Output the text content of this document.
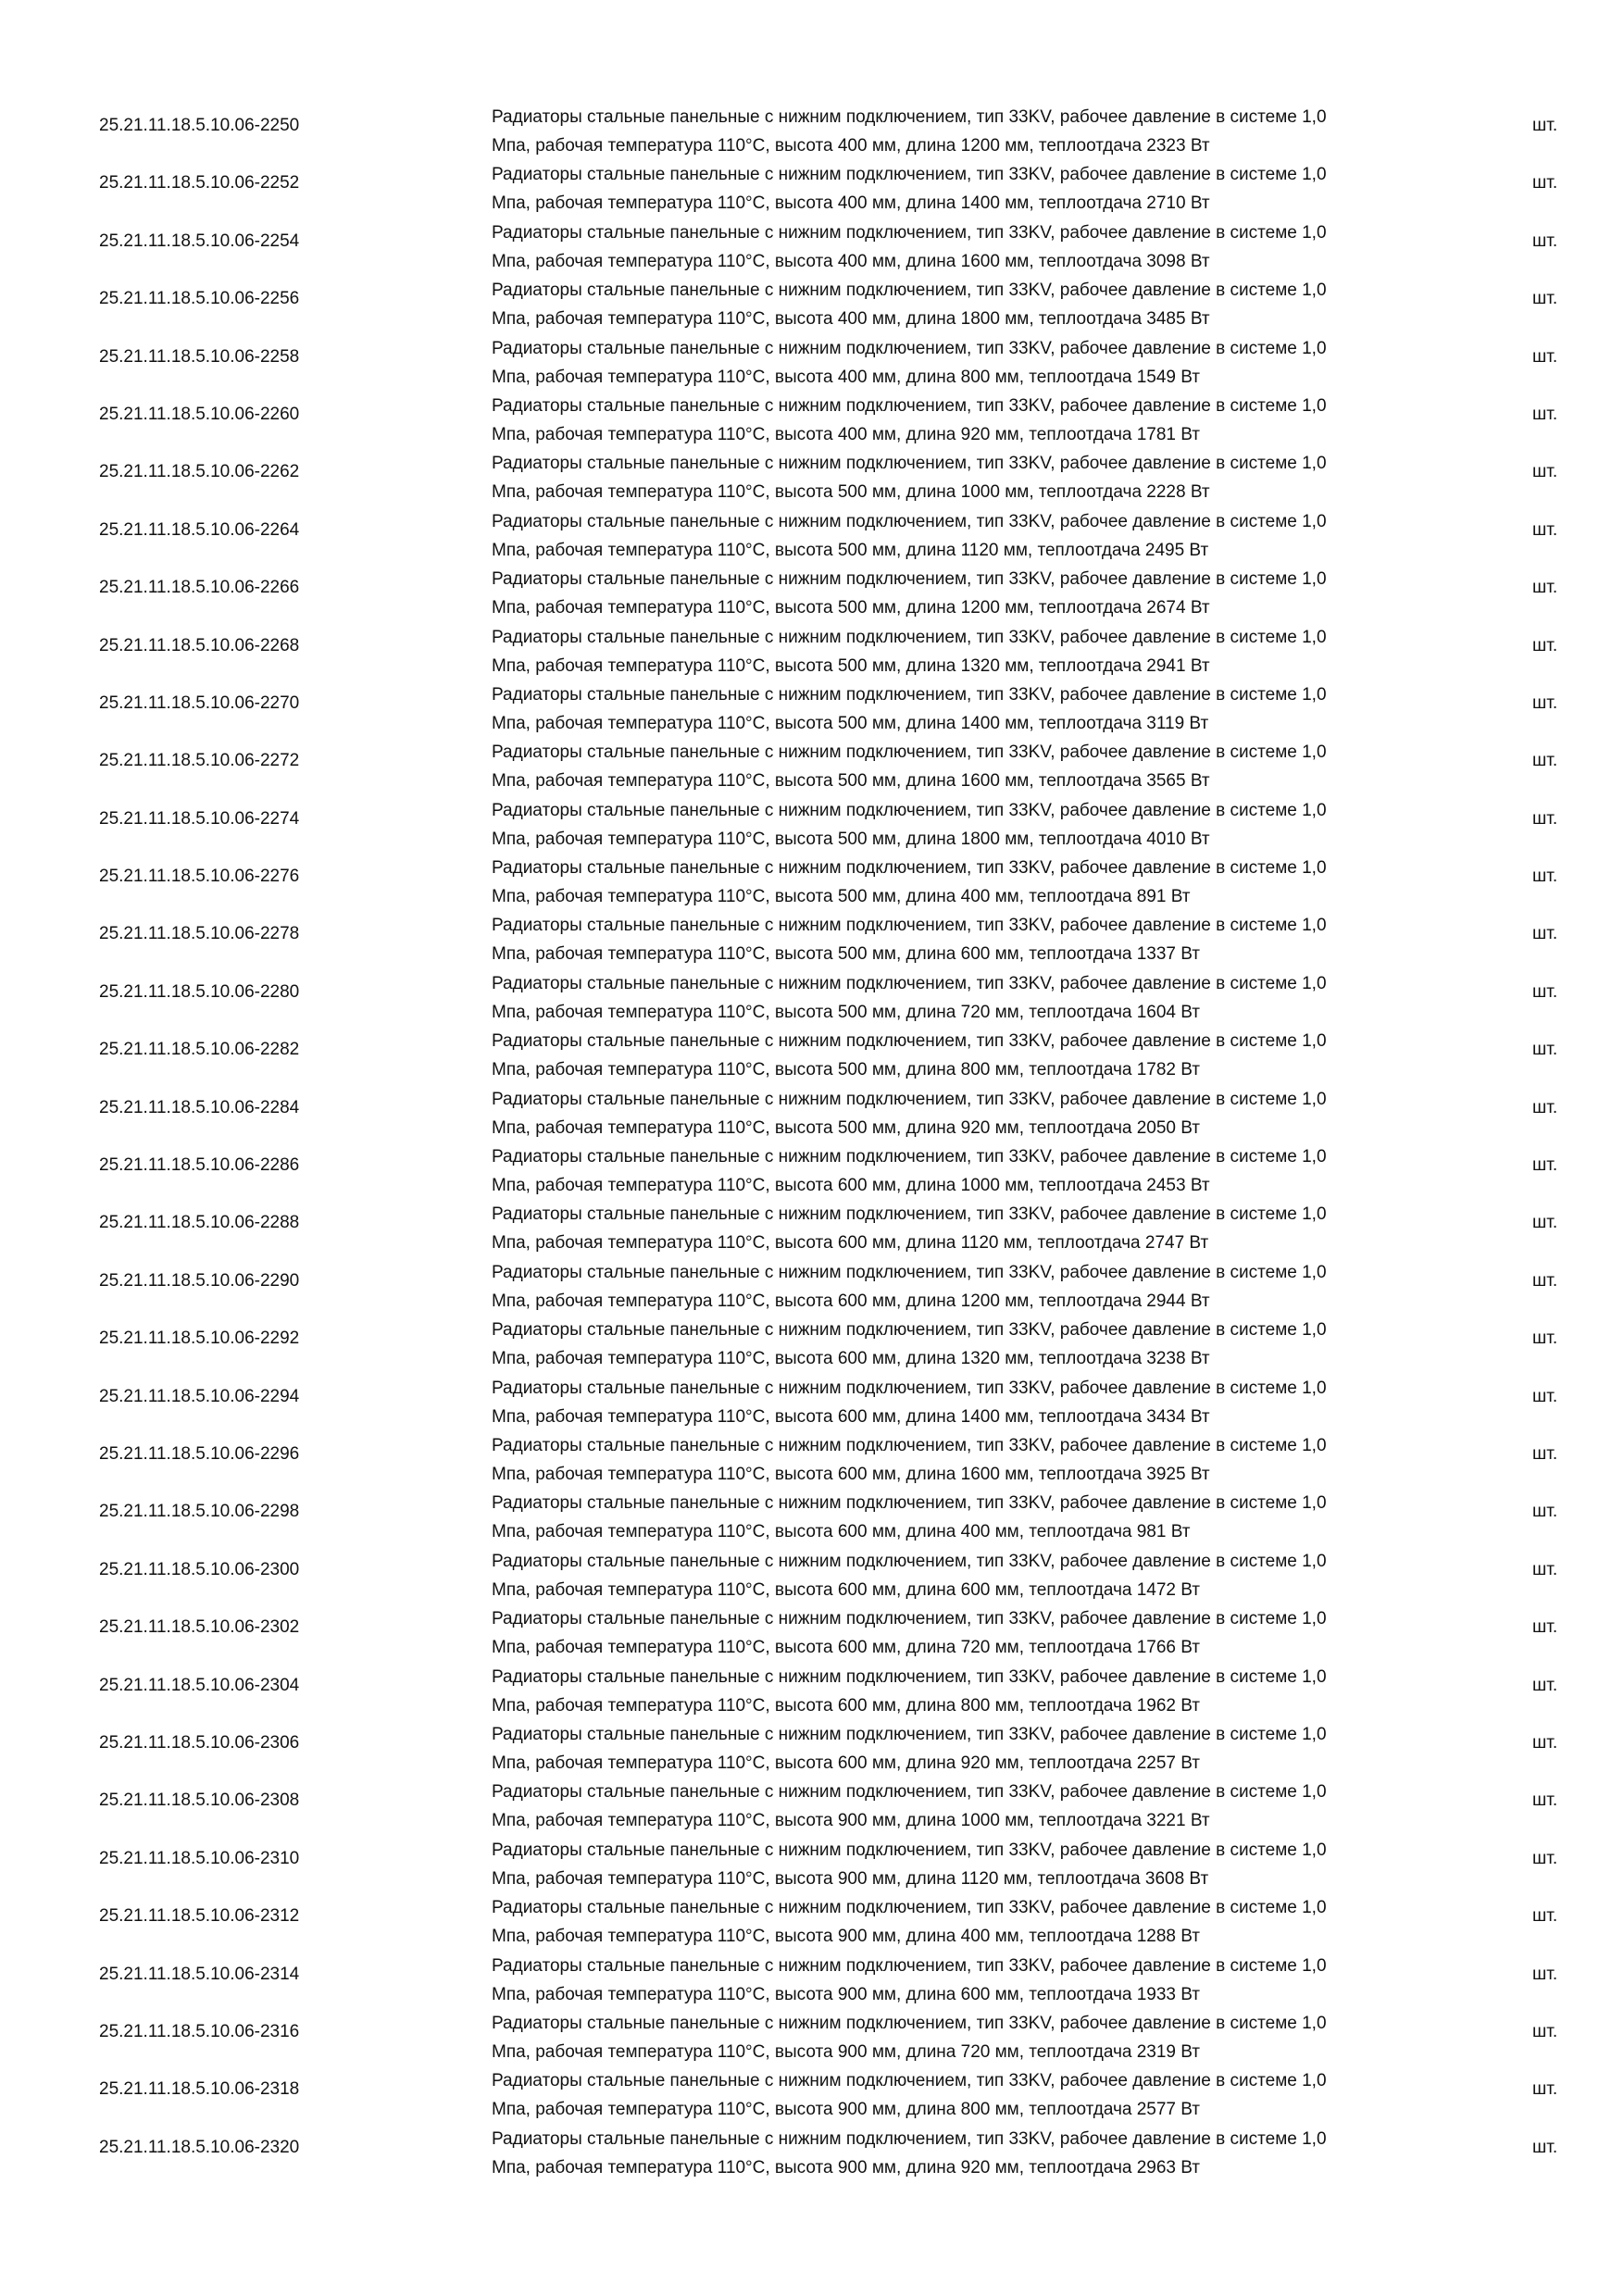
25.21.11.18.5.10.06-2250	Радиаторы стальные панельные с нижним подключением, тип 33KV, рабочее давление в системе 1,0
Мпа, рабочая температура 110°C, высота 400 мм, длина 1200 мм, теплоотдача 2323 Вт
шт.
25.21.11.18.5.10.06-2252	Радиаторы стальные панельные с нижним подключением, тип 33KV, рабочее давление в системе 1,0
Мпа, рабочая температура 110°C, высота 400 мм, длина 1400 мм, теплоотдача 2710 Вт
шт.
25.21.11.18.5.10.06-2254	Радиаторы стальные панельные с нижним подключением, тип 33KV, рабочее давление в системе 1,0
Мпа, рабочая температура 110°C, высота 400 мм, длина 1600 мм, теплоотдача 3098 Вт
шт.
25.21.11.18.5.10.06-2256	Радиаторы стальные панельные с нижним подключением, тип 33KV, рабочее давление в системе 1,0
Мпа, рабочая температура 110°C, высота 400 мм, длина 1800 мм, теплоотдача 3485 Вт
шт.
25.21.11.18.5.10.06-2258	Радиаторы стальные панельные с нижним подключением, тип 33KV, рабочее давление в системе 1,0
Мпа, рабочая температура 110°C, высота 400 мм, длина 800 мм, теплоотдача 1549 Вт
шт.
25.21.11.18.5.10.06-2260	Радиаторы стальные панельные с нижним подключением, тип 33KV, рабочее давление в системе 1,0
Мпа, рабочая температура 110°C, высота 400 мм, длина 920 мм, теплоотдача 1781 Вт
шт.
25.21.11.18.5.10.06-2262	Радиаторы стальные панельные с нижним подключением, тип 33KV, рабочее давление в системе 1,0
Мпа, рабочая температура 110°C, высота 500 мм, длина 1000 мм, теплоотдача 2228 Вт
шт.
25.21.11.18.5.10.06-2264	Радиаторы стальные панельные с нижним подключением, тип 33KV, рабочее давление в системе 1,0
Мпа, рабочая температура 110°C, высота 500 мм, длина 1120 мм, теплоотдача 2495 Вт
шт.
25.21.11.18.5.10.06-2266	Радиаторы стальные панельные с нижним подключением, тип 33KV, рабочее давление в системе 1,0
Мпа, рабочая температура 110°C, высота 500 мм, длина 1200 мм, теплоотдача 2674 Вт
шт.
25.21.11.18.5.10.06-2268	Радиаторы стальные панельные с нижним подключением, тип 33KV, рабочее давление в системе 1,0
Мпа, рабочая температура 110°C, высота 500 мм, длина 1320 мм, теплоотдача 2941 Вт
шт.
25.21.11.18.5.10.06-2270	Радиаторы стальные панельные с нижним подключением, тип 33KV, рабочее давление в системе 1,0
Мпа, рабочая температура 110°C, высота 500 мм, длина 1400 мм, теплоотдача 3119 Вт
шт.
25.21.11.18.5.10.06-2272	Радиаторы стальные панельные с нижним подключением, тип 33KV, рабочее давление в системе 1,0
Мпа, рабочая температура 110°C, высота 500 мм, длина 1600 мм, теплоотдача 3565 Вт
шт.
25.21.11.18.5.10.06-2274	Радиаторы стальные панельные с нижним подключением, тип 33KV, рабочее давление в системе 1,0
Мпа, рабочая температура 110°C, высота 500 мм, длина 1800 мм, теплоотдача 4010 Вт
шт.
25.21.11.18.5.10.06-2276	Радиаторы стальные панельные с нижним подключением, тип 33KV, рабочее давление в системе 1,0
Мпа, рабочая температура 110°C, высота 500 мм, длина 400 мм, теплоотдача 891 Вт
шт.
25.21.11.18.5.10.06-2278	Радиаторы стальные панельные с нижним подключением, тип 33KV, рабочее давление в системе 1,0
Мпа, рабочая температура 110°C, высота 500 мм, длина 600 мм, теплоотдача 1337 Вт
шт.
25.21.11.18.5.10.06-2280	Радиаторы стальные панельные с нижним подключением, тип 33KV, рабочее давление в системе 1,0
Мпа, рабочая температура 110°C, высота 500 мм, длина 720 мм, теплоотдача 1604 Вт
шт.
25.21.11.18.5.10.06-2282	Радиаторы стальные панельные с нижним подключением, тип 33KV, рабочее давление в системе 1,0
Мпа, рабочая температура 110°C, высота 500 мм, длина 800 мм, теплоотдача 1782 Вт
шт.
25.21.11.18.5.10.06-2284	Радиаторы стальные панельные с нижним подключением, тип 33KV, рабочее давление в системе 1,0
Мпа, рабочая температура 110°C, высота 500 мм, длина 920 мм, теплоотдача 2050 Вт
шт.
25.21.11.18.5.10.06-2286	Радиаторы стальные панельные с нижним подключением, тип 33KV, рабочее давление в системе 1,0
Мпа, рабочая температура 110°C, высота 600 мм, длина 1000 мм, теплоотдача 2453 Вт
шт.
25.21.11.18.5.10.06-2288	Радиаторы стальные панельные с нижним подключением, тип 33KV, рабочее давление в системе 1,0
Мпа, рабочая температура 110°C, высота 600 мм, длина 1120 мм, теплоотдача 2747 Вт
шт.
25.21.11.18.5.10.06-2290	Радиаторы стальные панельные с нижним подключением, тип 33KV, рабочее давление в системе 1,0
Мпа, рабочая температура 110°C, высота 600 мм, длина 1200 мм, теплоотдача 2944 Вт
шт.
25.21.11.18.5.10.06-2292	Радиаторы стальные панельные с нижним подключением, тип 33KV, рабочее давление в системе 1,0
Мпа, рабочая температура 110°C, высота 600 мм, длина 1320 мм, теплоотдача 3238 Вт
шт.
25.21.11.18.5.10.06-2294	Радиаторы стальные панельные с нижним подключением, тип 33KV, рабочее давление в системе 1,0
Мпа, рабочая температура 110°C, высота 600 мм, длина 1400 мм, теплоотдача 3434 Вт
шт.
25.21.11.18.5.10.06-2296	Радиаторы стальные панельные с нижним подключением, тип 33KV, рабочее давление в системе 1,0
Мпа, рабочая температура 110°C, высота 600 мм, длина 1600 мм, теплоотдача 3925 Вт
шт.
25.21.11.18.5.10.06-2298	Радиаторы стальные панельные с нижним подключением, тип 33KV, рабочее давление в системе 1,0
Мпа, рабочая температура 110°C, высота 600 мм, длина 400 мм, теплоотдача 981 Вт
шт.
25.21.11.18.5.10.06-2300	Радиаторы стальные панельные с нижним подключением, тип 33KV, рабочее давление в системе 1,0
Мпа, рабочая температура 110°C, высота 600 мм, длина 600 мм, теплоотдача 1472 Вт
шт.
25.21.11.18.5.10.06-2302	Радиаторы стальные панельные с нижним подключением, тип 33KV, рабочее давление в системе 1,0
Мпа, рабочая температура 110°C, высота 600 мм, длина 720 мм, теплоотдача 1766 Вт
шт.
25.21.11.18.5.10.06-2304	Радиаторы стальные панельные с нижним подключением, тип 33KV, рабочее давление в системе 1,0
Мпа, рабочая температура 110°C, высота 600 мм, длина 800 мм, теплоотдача 1962 Вт
шт.
25.21.11.18.5.10.06-2306	Радиаторы стальные панельные с нижним подключением, тип 33KV, рабочее давление в системе 1,0
Мпа, рабочая температура 110°C, высота 600 мм, длина 920 мм, теплоотдача 2257 Вт
шт.
25.21.11.18.5.10.06-2308	Радиаторы стальные панельные с нижним подключением, тип 33KV, рабочее давление в системе 1,0
Мпа, рабочая температура 110°C, высота 900 мм, длина 1000 мм, теплоотдача 3221 Вт
шт.
25.21.11.18.5.10.06-2310	Радиаторы стальные панельные с нижним подключением, тип 33KV, рабочее давление в системе 1,0
Мпа, рабочая температура 110°C, высота 900 мм, длина 1120 мм, теплоотдача 3608 Вт
шт.
25.21.11.18.5.10.06-2312	Радиаторы стальные панельные с нижним подключением, тип 33KV, рабочее давление в системе 1,0
Мпа, рабочая температура 110°C, высота 900 мм, длина 400 мм, теплоотдача 1288 Вт
шт.
25.21.11.18.5.10.06-2314	Радиаторы стальные панельные с нижним подключением, тип 33KV, рабочее давление в системе 1,0
Мпа, рабочая температура 110°C, высота 900 мм, длина 600 мм, теплоотдача 1933 Вт
шт.
25.21.11.18.5.10.06-2316	Радиаторы стальные панельные с нижним подключением, тип 33KV, рабочее давление в системе 1,0
Мпа, рабочая температура 110°C, высота 900 мм, длина 720 мм, теплоотдача 2319 Вт
шт.
25.21.11.18.5.10.06-2318	Радиаторы стальные панельные с нижним подключением, тип 33KV, рабочее давление в системе 1,0
Мпа, рабочая температура 110°C, высота 900 мм, длина 800 мм, теплоотдача 2577 Вт
шт.
25.21.11.18.5.10.06-2320	Радиаторы стальные панельные с нижним подключением, тип 33KV, рабочее давление в системе 1,0
Мпа, рабочая температура 110°C, высота 900 мм, длина 920 мм, теплоотдача 2963 Вт
шт.
